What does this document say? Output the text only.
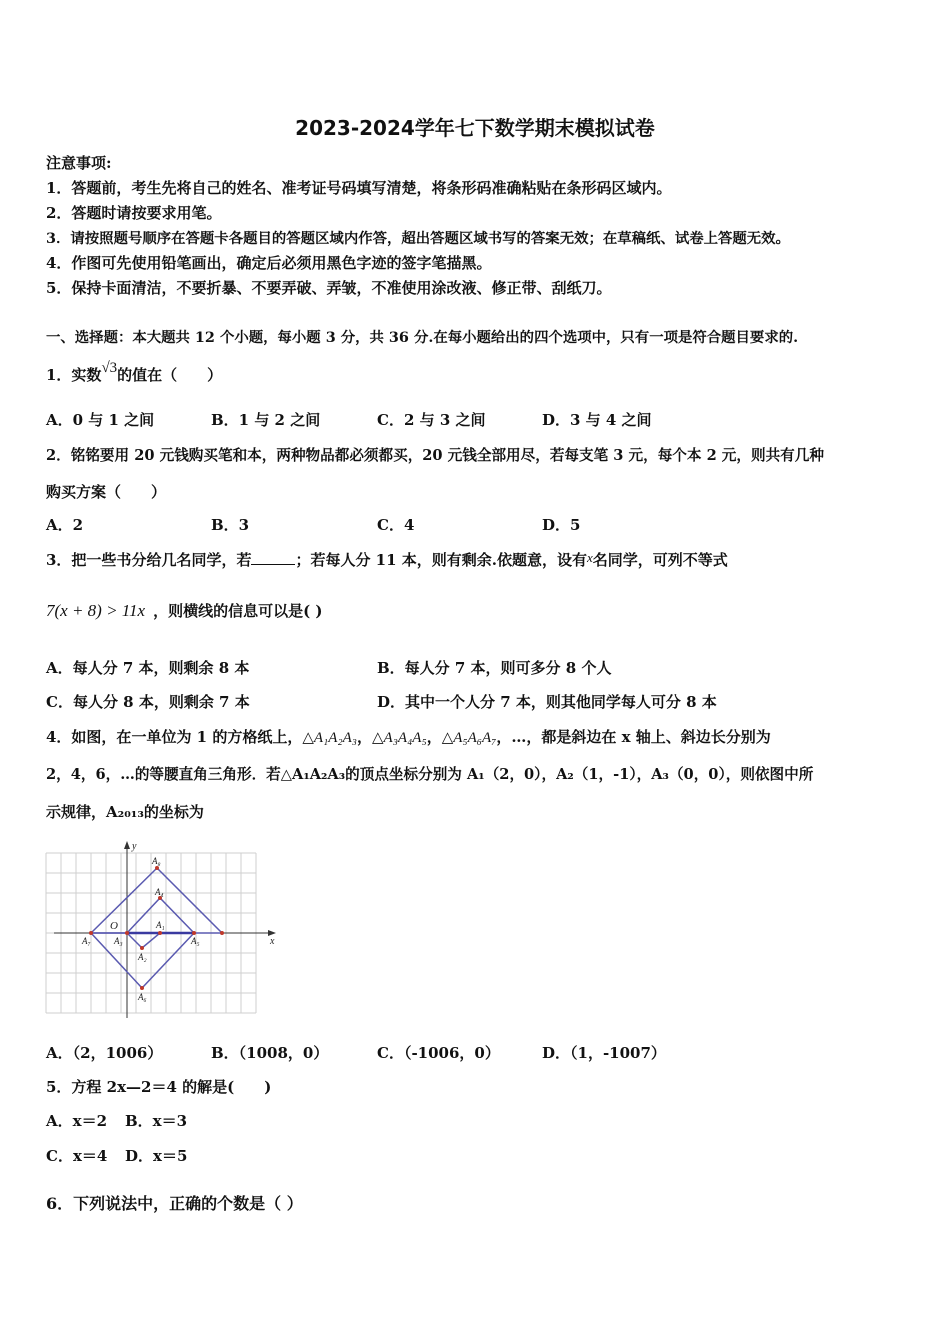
2023-2024学年七下数学期末模拟试卷
注意事项:
1．答题前，考生先将自己的姓名、准考证号码填写清楚，将条形码准确粘贴在条形码区域内。
2．答题时请按要求用笔。
3．请按照题号顺序在答题卡各题目的答题区域内作答，超出答题区域书写的答案无效；在草稿纸、试卷上答题无效。
4．作图可先使用铅笔画出，确定后必须用黑色字迹的签字笔描黑。
5．保持卡面清洁，不要折暴、不要弄破、弄皱，不准使用涂改液、修正带、刮纸刀。
一、选择题：本大题共 12 个小题，每小题 3 分，共 36 分.在每小题给出的四个选项中，只有一项是符合题目要求的.
1．实数√3的值在（　　）
A．0 与 1 之间	B．1 与 2 之间	C．2 与 3 之间	D．3 与 4 之间
2．铭铭要用 20 元钱购买笔和本，两种物品都必须都买，20 元钱全部用尽，若每支笔 3 元，每个本 2 元，则共有几种
购买方案（　　）
A．2	B．3	C．4	D．5
3．把一些书分给几名同学，若	；若每人分 11 本，则有剩余.依题意，设有x名同学，可列不等式
7(x + 8) > 11x ，则横线的信息可以是( )
A．每人分 7 本，则剩余 8 本	B．每人分 7 本，则可多分 8 个人
C．每人分 8 本，则剩余 7 本	D．其中一个人分 7 本，则其他同学每人可分 8 本
4．如图，在一单位为 1 的方格纸上，△A₁A₂A₃，△A₃A₄A₅，△A₅A₆A₇，…，都是斜边在 x 轴上、斜边长分别为
2，4，6，…的等腰直角三角形．若△A₁A₂A₃的顶点坐标分别为 A₁（2，0），A₂（1，-1），A₃（0，0），则依图中所
示规律，A₂₀₁₃的坐标为
x
y
O	A₁
A₂
A₃
A₄
A₅
A₆
A₇
A₈
A．（2，1006）	B．（1008，0）	C．（-1006，0）	D．（1，-1007）
5．方程 2x—2＝4 的解是(　　)
A．x＝2 B．x＝3
C．x＝4 D．x＝5
6．下列说法中，正确的个数是（ ）
